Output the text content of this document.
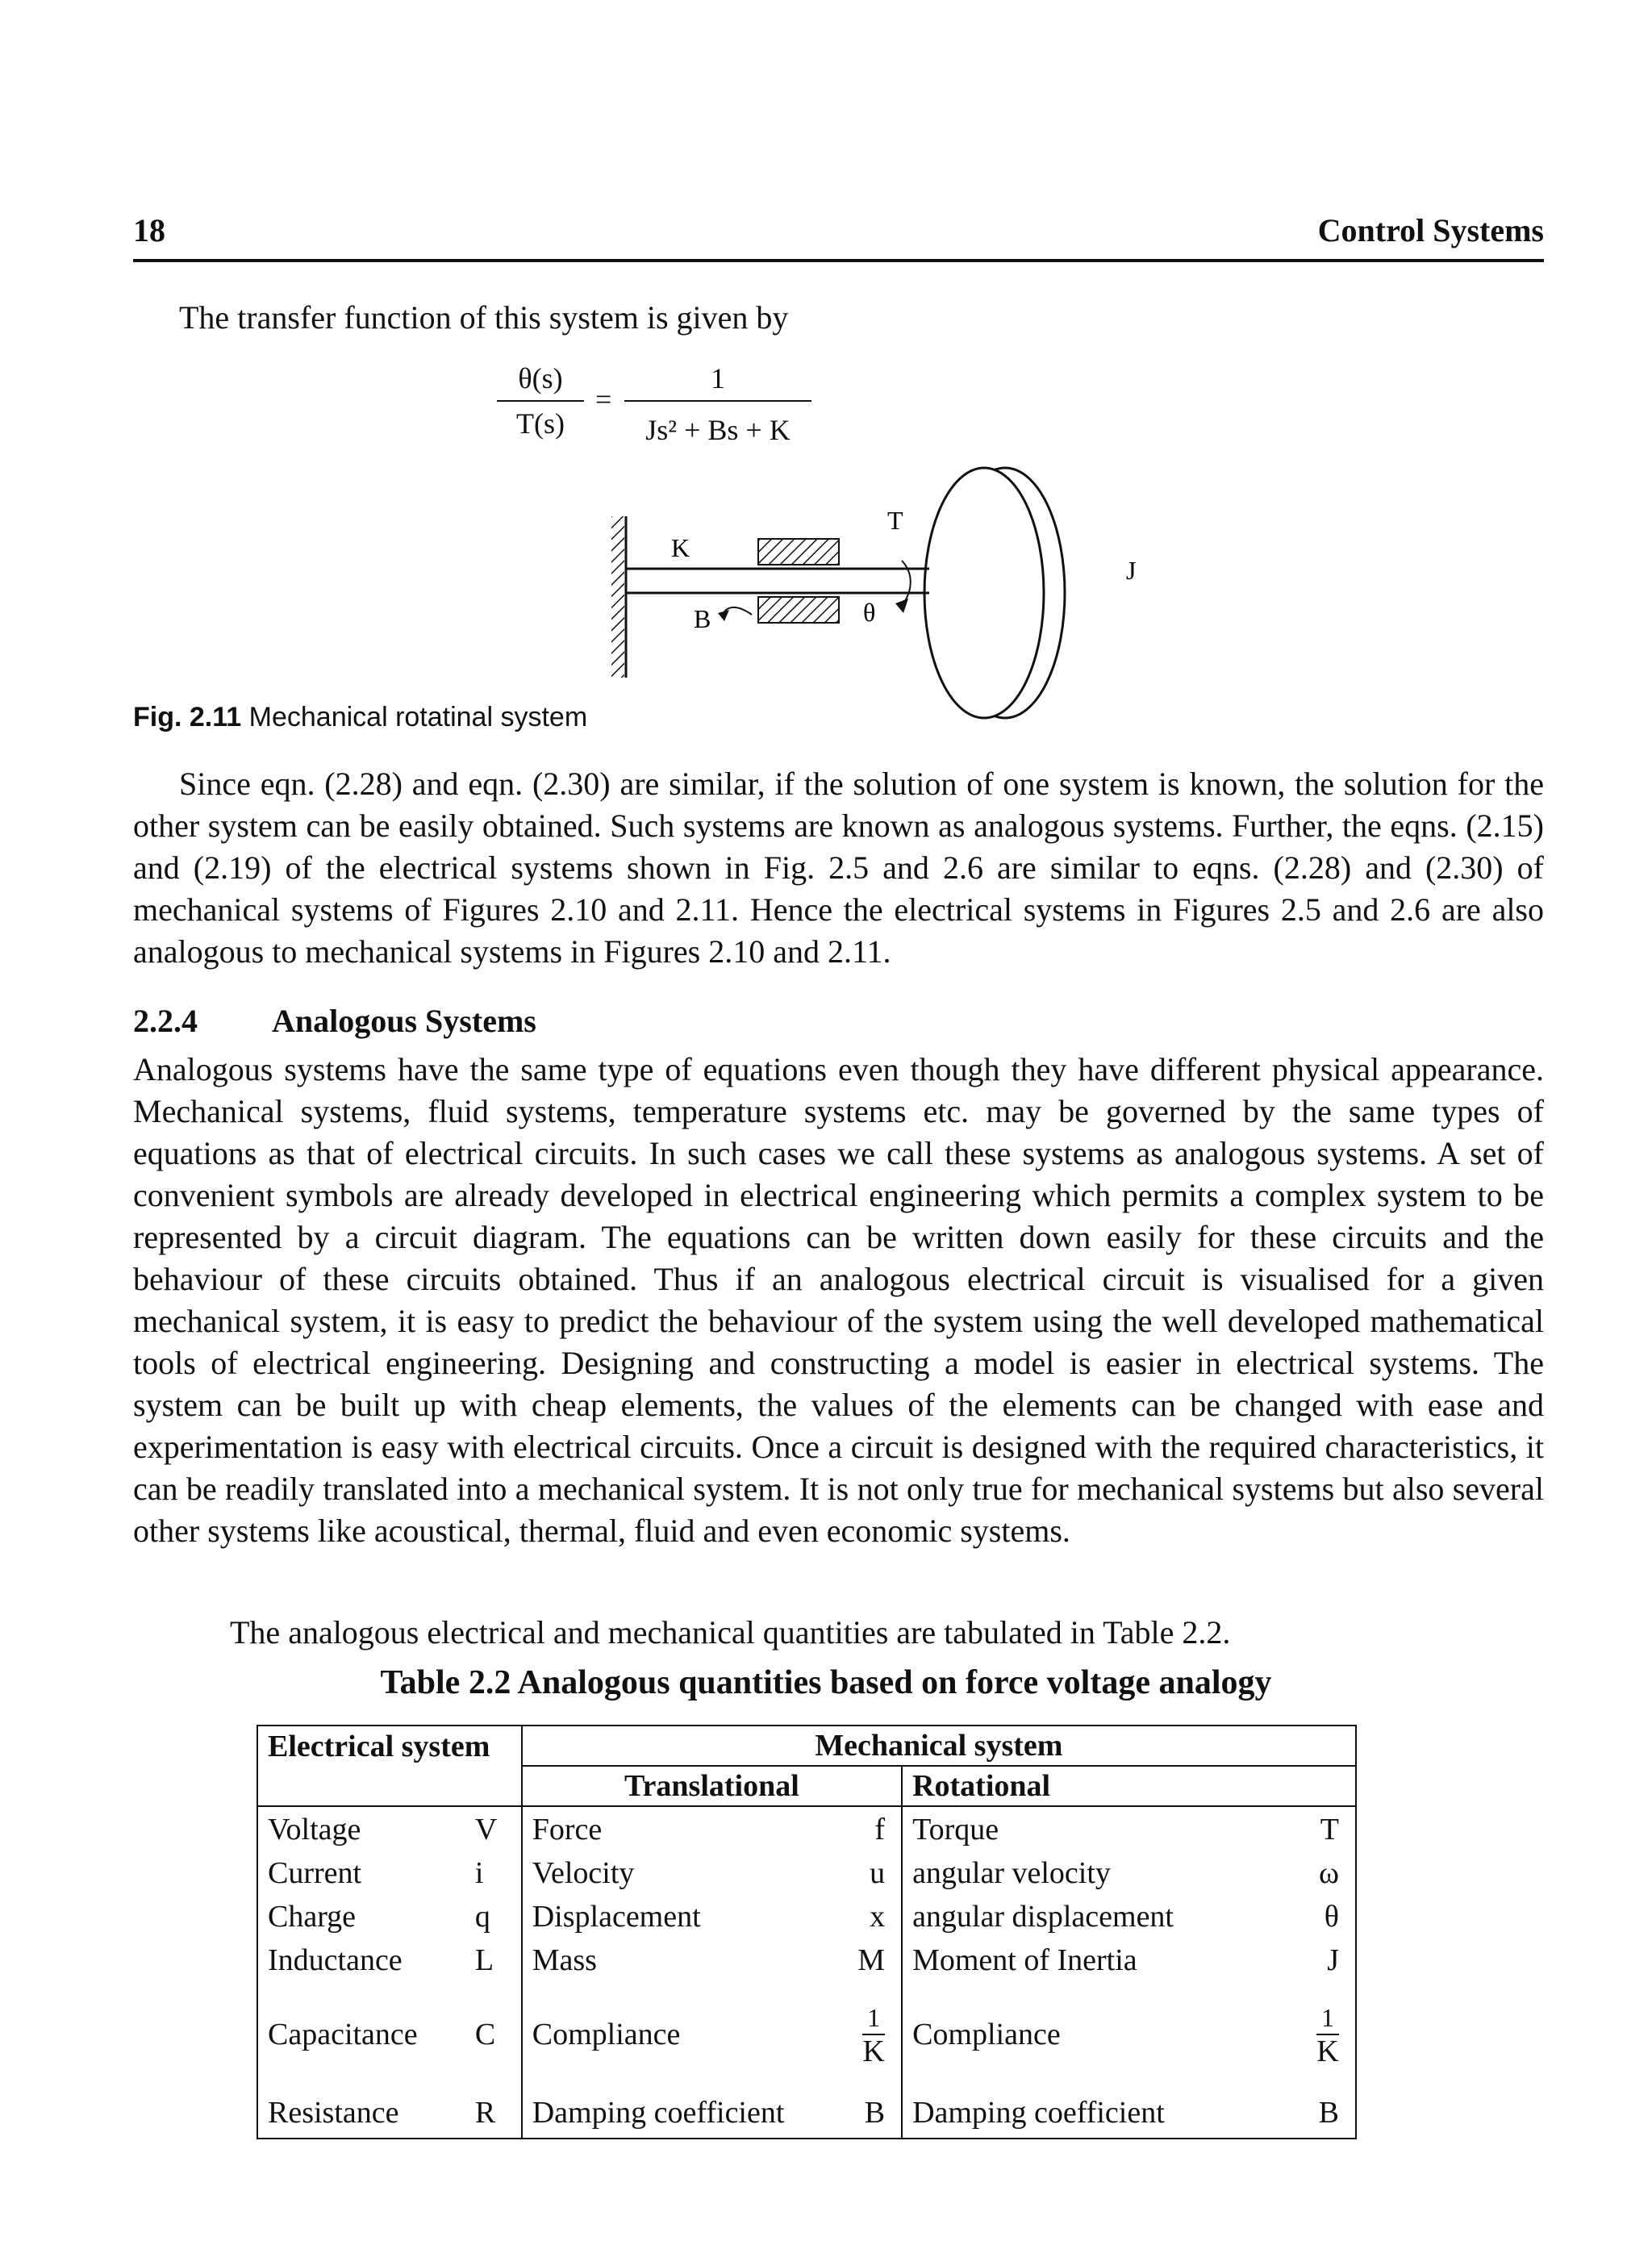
18	Control Systems
The transfer function of this system is given by
θ(s)
T(s)
=
1
Js² + Bs + K
K
T
J
B	θ
Fig. 2.11 Mechanical rotatinal system
Since eqn. (2.28) and eqn. (2.30) are similar, if the solution of one system is known, the solution for the other system can be easily obtained. Such systems are known as analogous systems. Further, the eqns. (2.15) and (2.19) of the electrical systems shown in Fig. 2.5 and 2.6 are similar to eqns. (2.28) and (2.30) of mechanical systems of Figures 2.10 and 2.11. Hence the electrical systems in Figures 2.5 and 2.6 are also analogous to mechanical systems in Figures 2.10 and 2.11.
2.2.4 Analogous Systems
Analogous systems have the same type of equations even though they have different physical appearance. Mechanical systems, fluid systems, temperature systems etc. may be governed by the same types of equations as that of electrical circuits. In such cases we call these systems as analogous systems. A set of convenient symbols are already developed in electrical engineering which permits a complex system to be represented by a circuit diagram. The equations can be written down easily for these circuits and the behaviour of these circuits obtained. Thus if an analogous electrical circuit is visualised for a given mechanical system, it is easy to predict the behaviour of the system using the well developed mathematical tools of electrical engineering. Designing and constructing a model is easier in electrical systems. The system can be built up with cheap elements, the values of the elements can be changed with ease and experimentation is easy with electrical circuits. Once a circuit is designed with the required characteristics, it can be readily translated into a mechanical system. It is not only true for mechanical systems but also several other systems like acoustical, thermal, fluid and even economic systems.
The analogous electrical and mechanical quantities are tabulated in Table 2.2.
Table 2.2 Analogous quantities based on force voltage analogy
Electrical system		Mechanical system			
		Translational		Rotational	
Voltage	V	Force	f	Torque	T
Current	i	Velocity	u	angular velocity	ω
Charge	q	Displacement	x	angular displacement	θ
Inductance	L	Mass	M	Moment of Inertia	J
Capacitance	C	Compliance	$\frac{1}{K}$	Compliance	$\frac{1}{K}$

Resistance	R	Damping coefficient	B	Damping coefficient	B
